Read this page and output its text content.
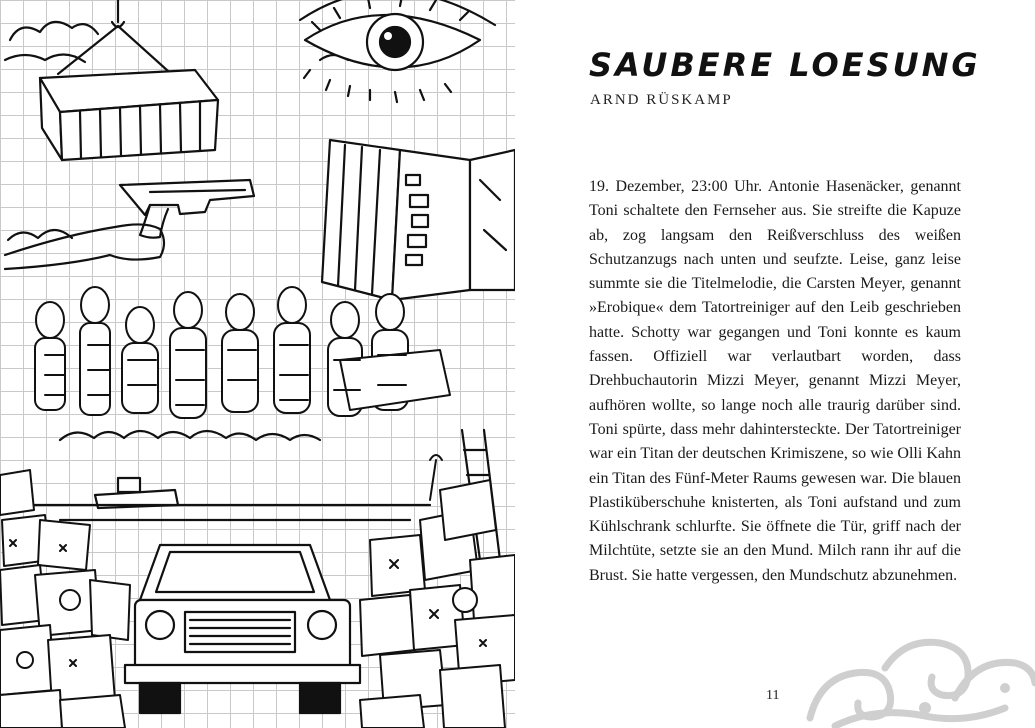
SAUBERE LOESUNG

ARND RÜSKAMP

19. Dezember, 23:00 Uhr. Antonie Hasenäcker, genannt Toni schaltete den Fernseher aus. Sie streifte die Kapuze ab, zog langsam den Reißverschluss des weißen Schutzanzugs nach unten und seufzte. Leise, ganz leise summte sie die Titelmelodie, die Carsten Meyer, genannt »Erobique« dem Tatortreiniger auf den Leib geschrieben hatte. Schotty war gegangen und Toni konnte es kaum fassen. Offiziell war verlautbart worden, dass Drehbuchautorin Mizzi Meyer, genannt Mizzi Meyer, aufhören wollte, so lange noch alle traurig darüber sind. Toni spürte, dass mehr dahintersteckte. Der Tatortreiniger war ein Titan der deutschen Krimiszene, so wie Olli Kahn ein Titan des Fünf-Meter Raums gewesen war. Die blauen Plastiküberschuhe knisterten, als Toni aufstand und zum Kühlschrank schlurfte. Sie öffnete die Tür, griff nach der Milchtüte, setzte sie an den Mund. Milch rann ihr auf die Brust. Sie hatte vergessen, den Mundschutz abzunehmen.

11
